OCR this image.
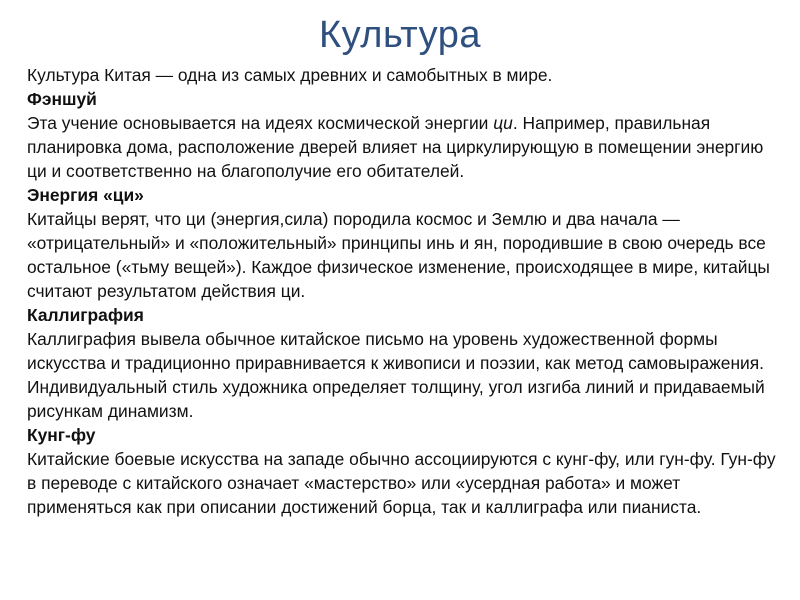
Культура

Культура Китая — одна из самых древних и самобытных в мире.

Фэншуй

Эта учение основывается на идеях космической энергии ци. Например, правильная планировка дома, расположение дверей влияет на циркулирующую в помещении энергию ци и соответственно на благополучие его обитателей.

Энергия «ци»

Китайцы верят, что ци (энергия,сила) породила космос и Землю и два начала — «отрицательный» и «положительный» принципы инь и ян, породившие в свою очередь все остальное («тьму вещей»). Каждое физическое изменение, происходящее в мире, китайцы считают результатом действия ци.

Каллиграфия

Каллиграфия вывела обычное китайское письмо на уровень художественной формы искусства и традиционно приравнивается к живописи и поэзии, как метод самовыражения. Индивидуальный стиль художника определяет толщину, угол изгиба линий и придаваемый рисункам динамизм.

Кунг-фу

Китайские боевые искусства на западе обычно ассоциируются с кунг-фу, или гун-фу. Гун-фу в переводе с китайского означает «мастерство» или «усердная работа» и может применяться как при описании достижений борца, так и каллиграфа или пианиста.
